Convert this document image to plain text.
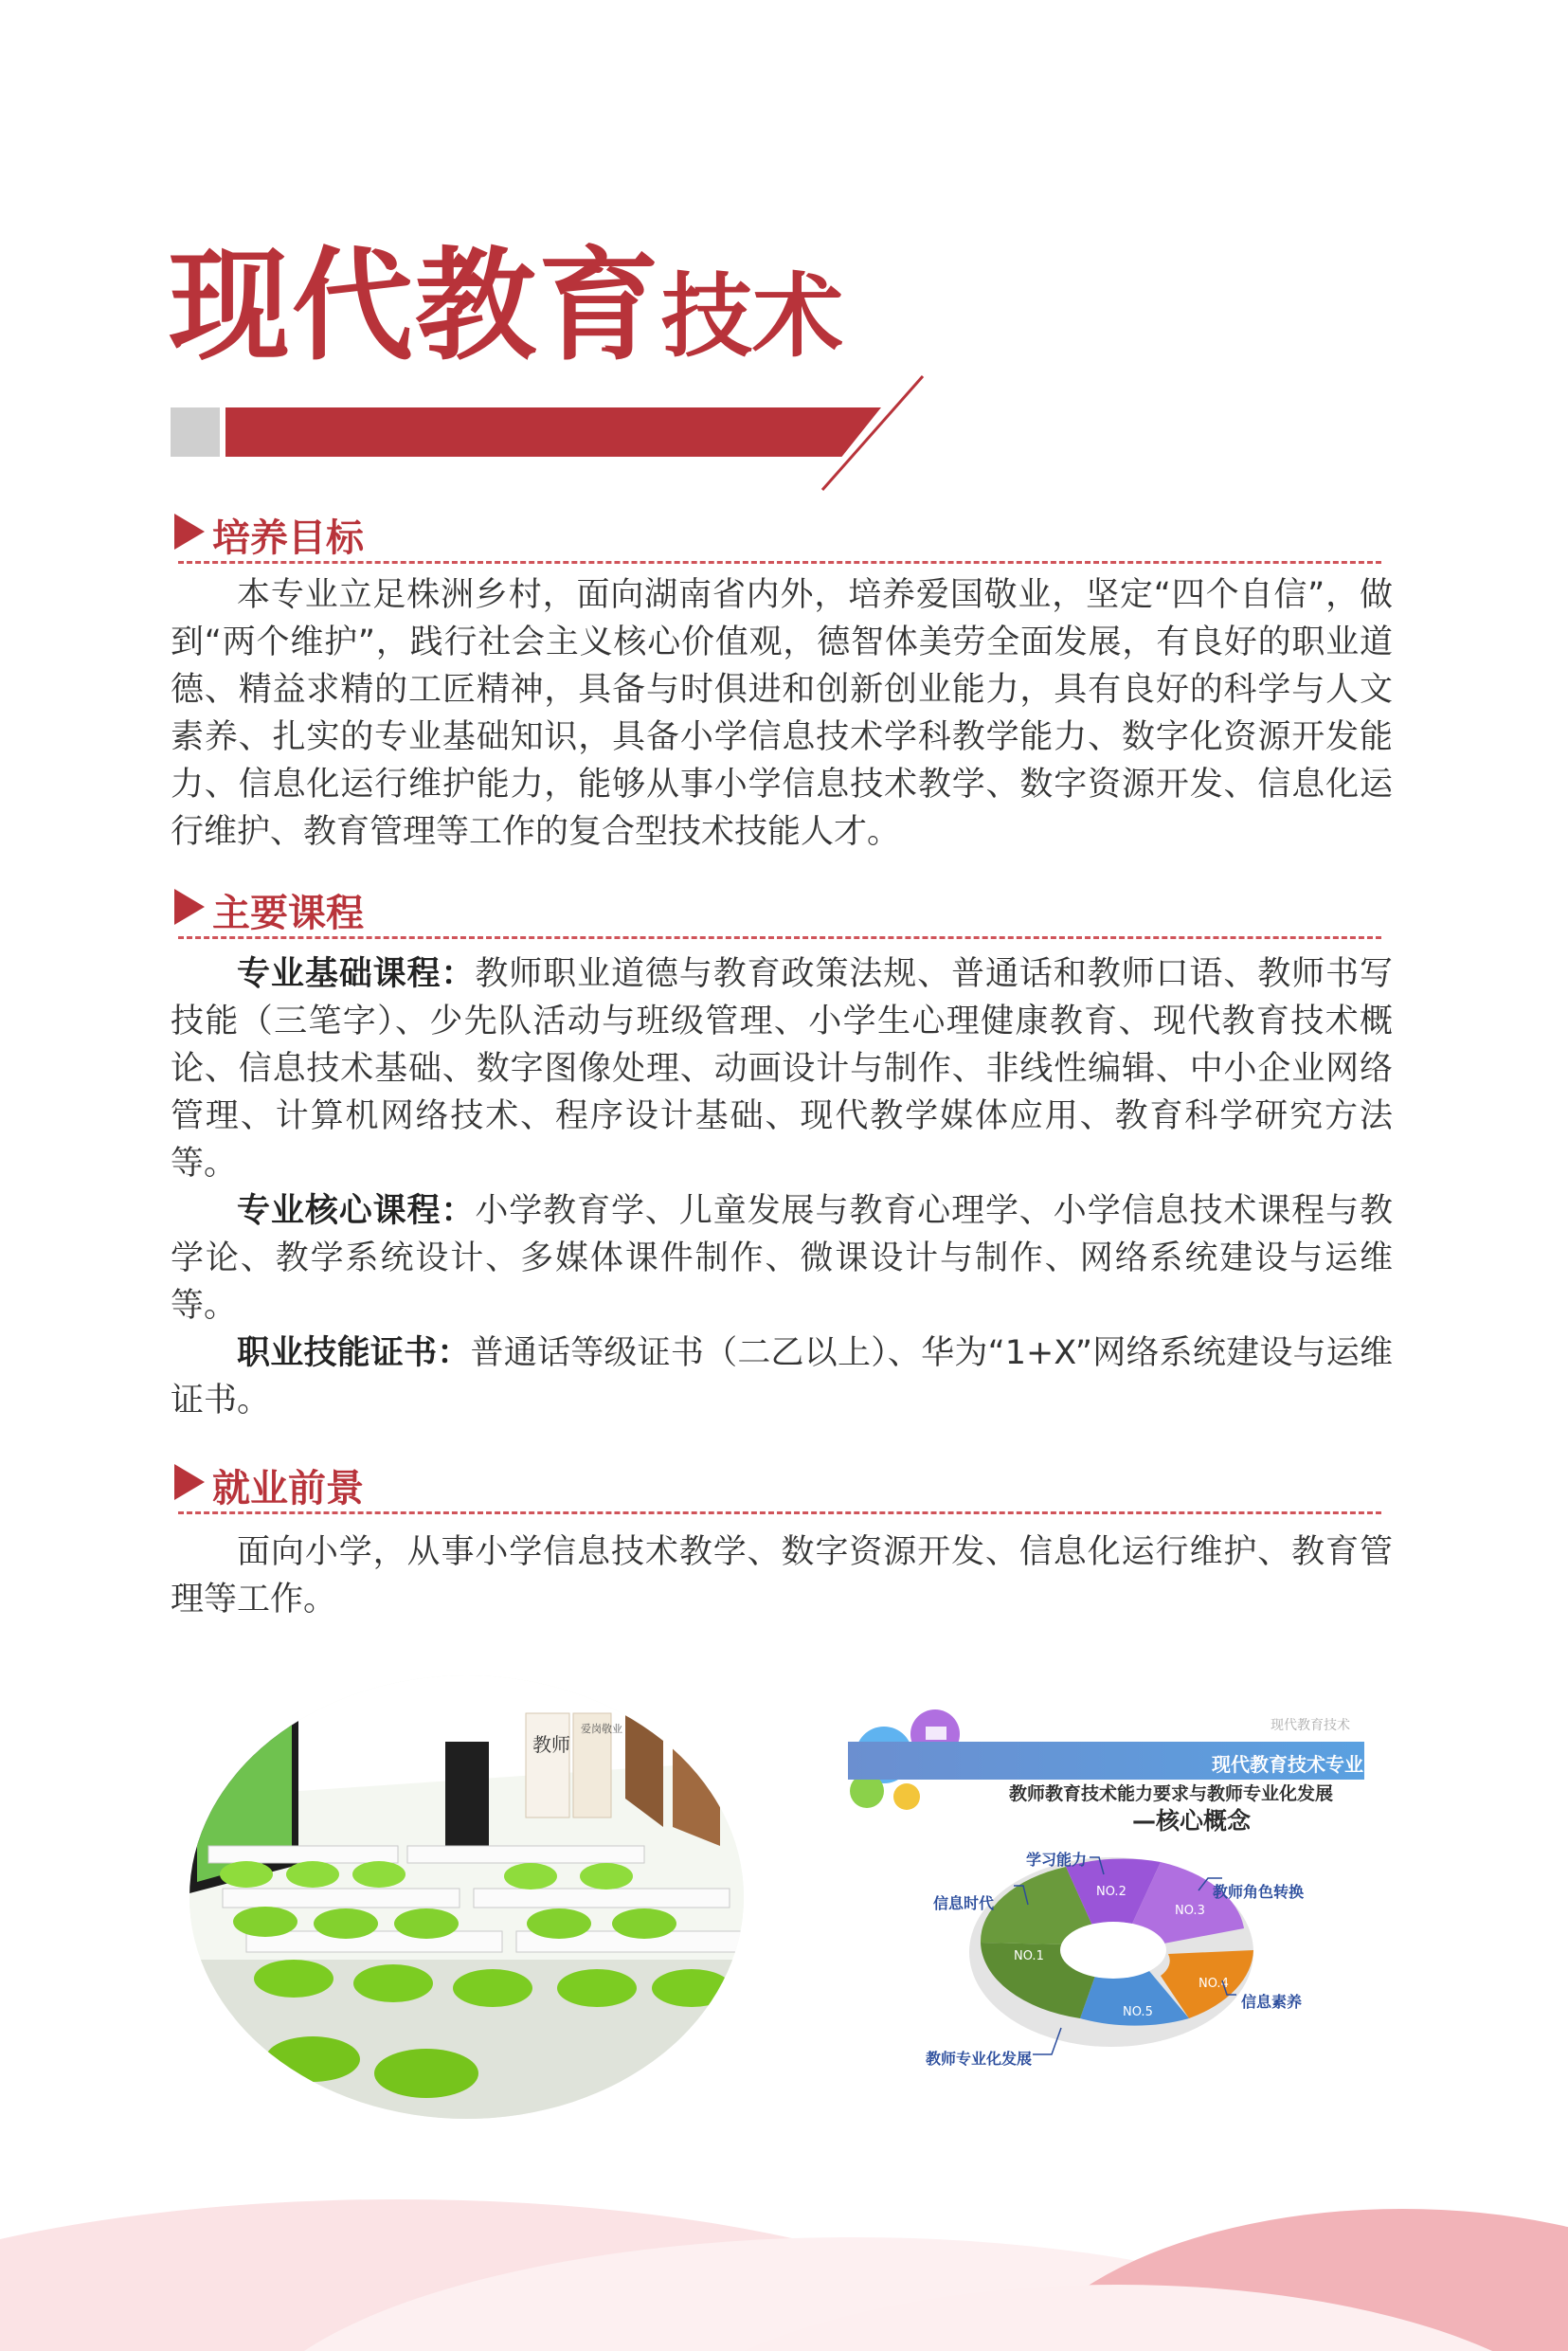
现代教育技术
培养目标

本专业立足株洲乡村，面向湖南省内外，培养爱国敬业，坚定“四个自信”，做到“两个维护”，践行社会主义核心价值观，德智体美劳全面发展，有良好的职业道德、精益求精的工匠精神，具备与时俱进和创新创业能力，具有良好的科学与人文素养、扎实的专业基础知识，具备小学信息技术学科教学能力、数字化资源开发能力、信息化运行维护能力，能够从事小学信息技术教学、数字资源开发、信息化运行维护、教育管理等工作的复合型技术技能人才。

主要课程

专业基础课程：教师职业道德与教育政策法规、普通话和教师口语、教师书写技能（三笔字）、少先队活动与班级管理、小学生心理健康教育、现代教育技术概论、信息技术基础、数字图像处理、动画设计与制作、非线性编辑、中小企业网络管理、计算机网络技术、程序设计基础、现代教学媒体应用、教育科学研究方法等。

专业核心课程：小学教育学、儿童发展与教育心理学、小学信息技术课程与教学论、教学系统设计、多媒体课件制作、微课设计与制作、网络系统建设与运维等。

职业技能证书：普通话等级证书（二乙以上）、华为“1+X”网络系统建设与运维证书。

就业前景

面向小学，从事小学信息技术教学、数字资源开发、信息化运行维护、教育管理等工作。

教师
爱岗敬业	现代教育技术
现代教育技术专业
教师教育技术能力要求与教师专业化发展
—核心概念
NO.1
NO.2
NO.3
NO.4
NO.5
信息时代
学习能力
教师角色转换
信息素养
教师专业化发展
